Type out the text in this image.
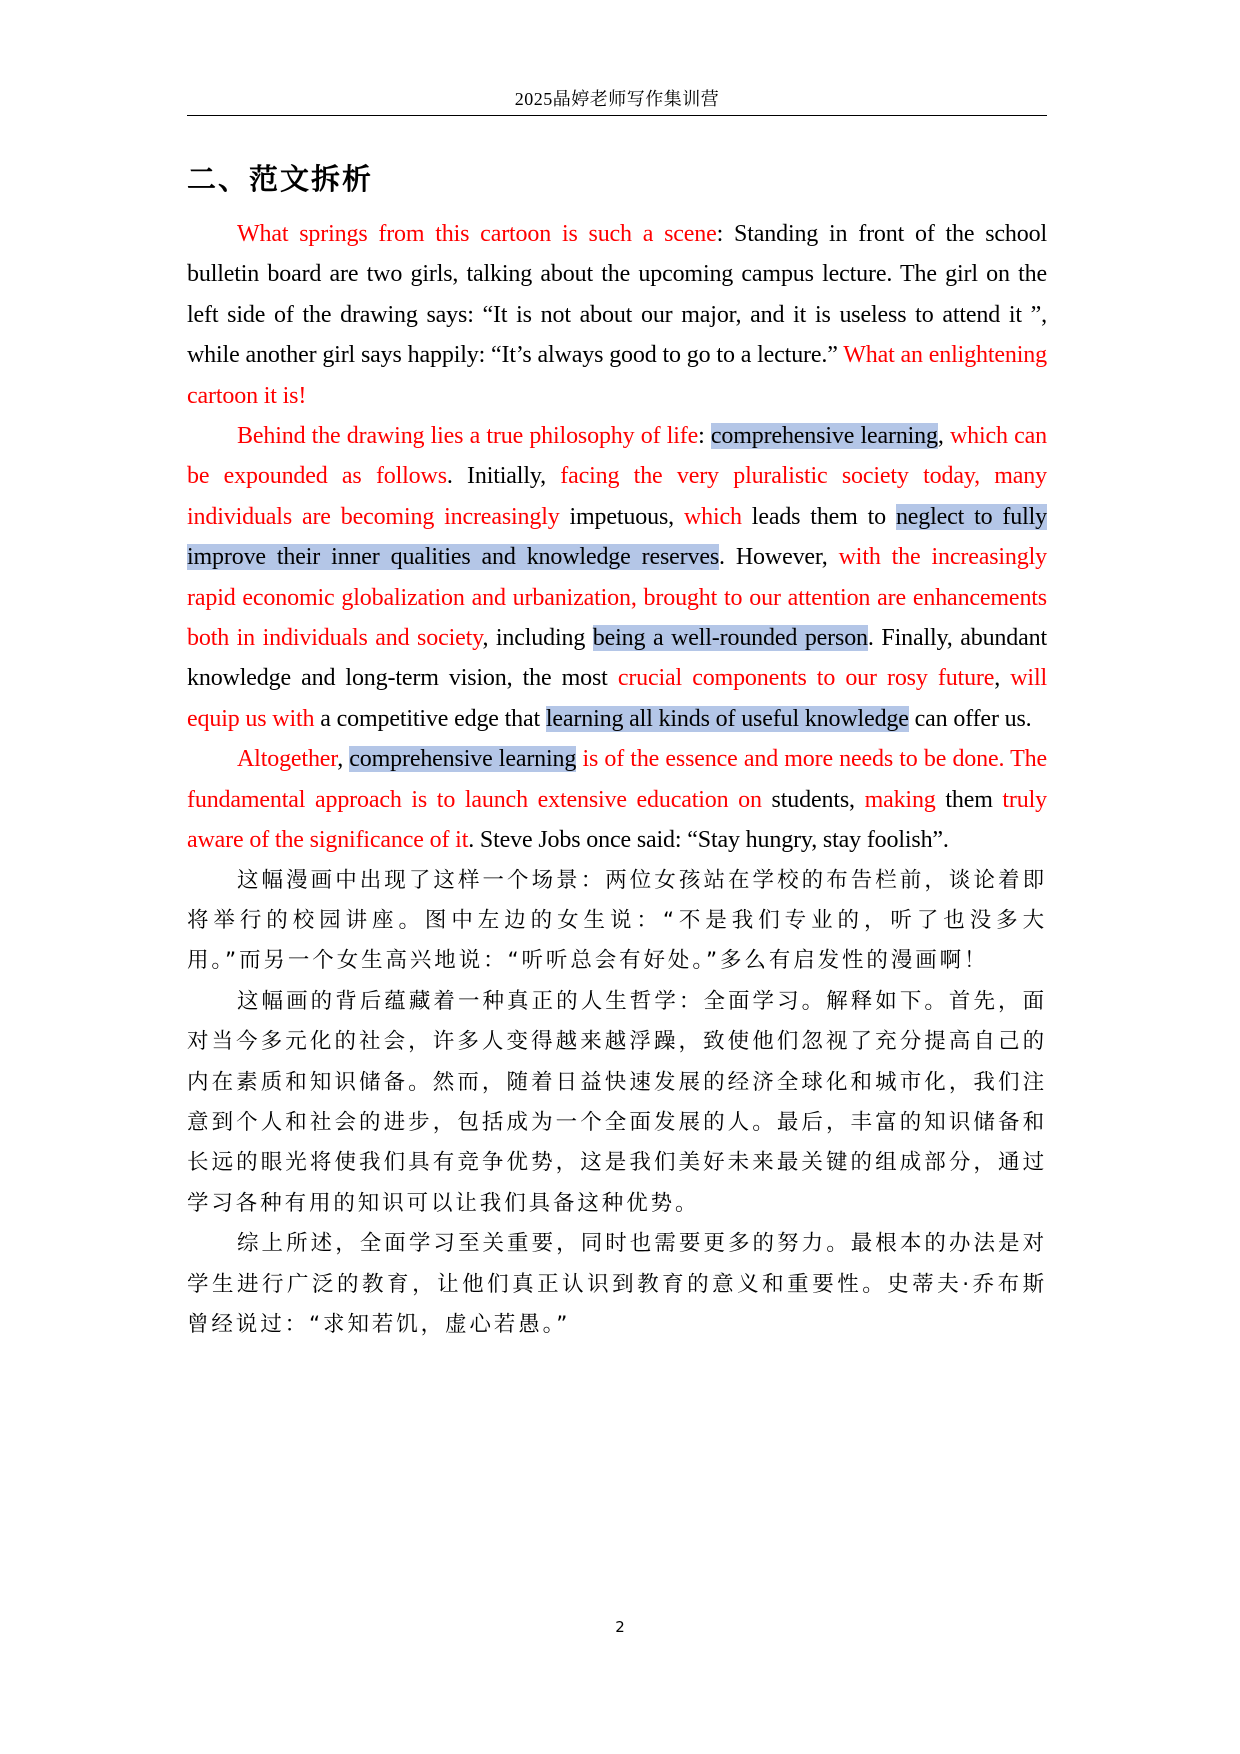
2025晶婷老师写作集训营
二、范文拆析

What springs from this cartoon is such a scene: Standing in front of the school bulletin board are two girls, talking about the upcoming campus lecture. The girl on the left side of the drawing says: “It is not about our major, and it is useless to attend it ”, while another girl says happily: “It’s always good to go to a lecture.” What an enlightening cartoon it is!

Behind the drawing lies a true philosophy of life: comprehensive learning, which can be expounded as follows. Initially, facing the very pluralistic society today, many individuals are becoming increasingly impetuous, which leads them to neglect to fully improve their inner qualities and knowledge reserves. However, with the increasingly rapid economic globalization and urbanization, brought to our attention are enhancements both in individuals and society, including being a well-rounded person. Finally, abundant knowledge and long-term vision, the most crucial components to our rosy future, will equip us with a competitive edge that learning all kinds of useful knowledge can offer us.

Altogether, comprehensive learning is of the essence and more needs to be done. The fundamental approach is to launch extensive education on students, making them truly aware of the significance of it. Steve Jobs once said: “Stay hungry, stay foolish”.

这幅漫画中出现了这样一个场景：两位女孩站在学校的布告栏前，谈论着即将举行的校园讲座。图中左边的女生说：“不是我们专业的，听了也没多大用。”而另一个女生高兴地说：“听听总会有好处。”多么有启发性的漫画啊！

这幅画的背后蕴藏着一种真正的人生哲学：全面学习。解释如下。首先，面对当今多元化的社会，许多人变得越来越浮躁，致使他们忽视了充分提高自己的内在素质和知识储备。然而，随着日益快速发展的经济全球化和城市化，我们注意到个人和社会的进步，包括成为一个全面发展的人。最后，丰富的知识储备和长远的眼光将使我们具有竞争优势，这是我们美好未来最关键的组成部分，通过学习各种有用的知识可以让我们具备这种优势。

综上所述，全面学习至关重要，同时也需要更多的努力。最根本的办法是对学生进行广泛的教育，让他们真正认识到教育的意义和重要性。史蒂夫·乔布斯曾经说过：“求知若饥，虚心若愚。”

2
